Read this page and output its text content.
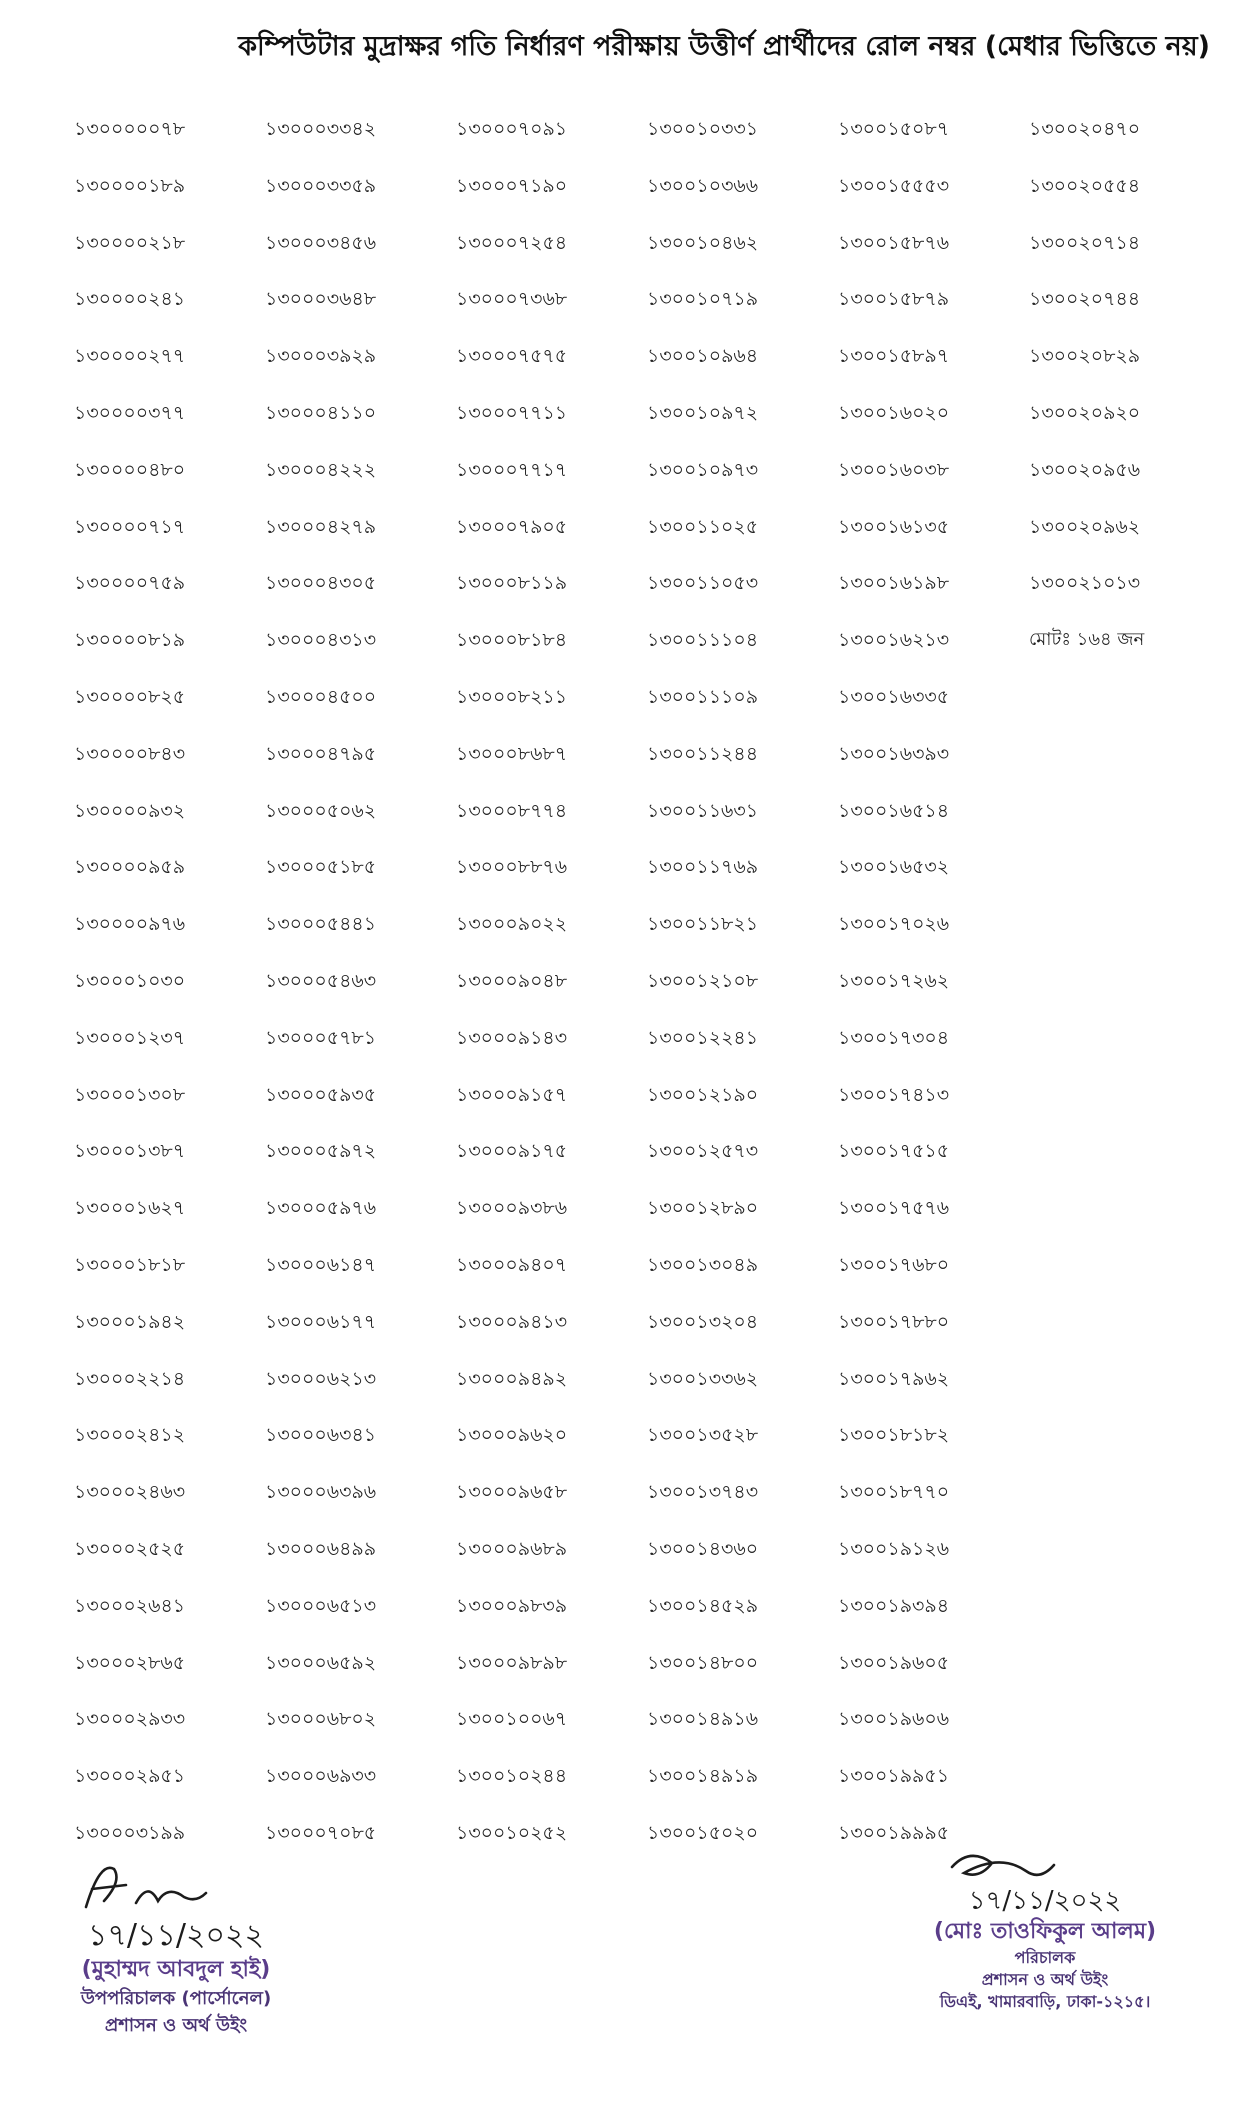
কম্পিউটার মুদ্রাক্ষর গতি নির্ধারণ পরীক্ষায় উত্তীর্ণ প্রার্থীদের রোল নম্বর (মেধার ভিত্তিতে নয়)
১৩০০০০০৭৮
১৩০০০০১৮৯
১৩০০০০২১৮
১৩০০০০২৪১
১৩০০০০২৭৭
১৩০০০০৩৭৭
১৩০০০০৪৮০
১৩০০০০৭১৭
১৩০০০০৭৫৯
১৩০০০০৮১৯
১৩০০০০৮২৫
১৩০০০০৮৪৩
১৩০০০০৯৩২
১৩০০০০৯৫৯
১৩০০০০৯৭৬
১৩০০০১০৩০
১৩০০০১২৩৭
১৩০০০১৩০৮
১৩০০০১৩৮৭
১৩০০০১৬২৭
১৩০০০১৮১৮
১৩০০০১৯৪২
১৩০০০২২১৪
১৩০০০২৪১২
১৩০০০২৪৬৩
১৩০০০২৫২৫
১৩০০০২৬৪১
১৩০০০২৮৬৫
১৩০০০২৯৩৩
১৩০০০২৯৫১
১৩০০০৩১৯৯
১৩০০০৩৩৪২
১৩০০০৩৩৫৯
১৩০০০৩৪৫৬
১৩০০০৩৬৪৮
১৩০০০৩৯২৯
১৩০০০৪১১০
১৩০০০৪২২২
১৩০০০৪২৭৯
১৩০০০৪৩০৫
১৩০০০৪৩১৩
১৩০০০৪৫০০
১৩০০০৪৭৯৫
১৩০০০৫০৬২
১৩০০০৫১৮৫
১৩০০০৫৪৪১
১৩০০০৫৪৬৩
১৩০০০৫৭৮১
১৩০০০৫৯৩৫
১৩০০০৫৯৭২
১৩০০০৫৯৭৬
১৩০০০৬১৪৭
১৩০০০৬১৭৭
১৩০০০৬২১৩
১৩০০০৬৩৪১
১৩০০০৬৩৯৬
১৩০০০৬৪৯৯
১৩০০০৬৫১৩
১৩০০০৬৫৯২
১৩০০০৬৮০২
১৩০০০৬৯৩৩
১৩০০০৭০৮৫
১৩০০০৭০৯১
১৩০০০৭১৯০
১৩০০০৭২৫৪
১৩০০০৭৩৬৮
১৩০০০৭৫৭৫
১৩০০০৭৭১১
১৩০০০৭৭১৭
১৩০০০৭৯০৫
১৩০০০৮১১৯
১৩০০০৮১৮৪
১৩০০০৮২১১
১৩০০০৮৬৮৭
১৩০০০৮৭৭৪
১৩০০০৮৮৭৬
১৩০০০৯০২২
১৩০০০৯০৪৮
১৩০০০৯১৪৩
১৩০০০৯১৫৭
১৩০০০৯১৭৫
১৩০০০৯৩৮৬
১৩০০০৯৪০৭
১৩০০০৯৪১৩
১৩০০০৯৪৯২
১৩০০০৯৬২০
১৩০০০৯৬৫৮
১৩০০০৯৬৮৯
১৩০০০৯৮৩৯
১৩০০০৯৮৯৮
১৩০০১০০৬৭
১৩০০১০২৪৪
১৩০০১০২৫২
১৩০০১০৩৩১
১৩০০১০৩৬৬
১৩০০১০৪৬২
১৩০০১০৭১৯
১৩০০১০৯৬৪
১৩০০১০৯৭২
১৩০০১০৯৭৩
১৩০০১১০২৫
১৩০০১১০৫৩
১৩০০১১১০৪
১৩০০১১১০৯
১৩০০১১২৪৪
১৩০০১১৬৩১
১৩০০১১৭৬৯
১৩০০১১৮২১
১৩০০১২১০৮
১৩০০১২২৪১
১৩০০১২১৯০
১৩০০১২৫৭৩
১৩০০১২৮৯০
১৩০০১৩০৪৯
১৩০০১৩২০৪
১৩০০১৩৩৬২
১৩০০১৩৫২৮
১৩০০১৩৭৪৩
১৩০০১৪৩৬০
১৩০০১৪৫২৯
১৩০০১৪৮০০
১৩০০১৪৯১৬
১৩০০১৪৯১৯
১৩০০১৫০২০
১৩০০১৫০৮৭
১৩০০১৫৫৫৩
১৩০০১৫৮৭৬
১৩০০১৫৮৭৯
১৩০০১৫৮৯৭
১৩০০১৬০২০
১৩০০১৬০৩৮
১৩০০১৬১৩৫
১৩০০১৬১৯৮
১৩০০১৬২১৩
১৩০০১৬৩৩৫
১৩০০১৬৩৯৩
১৩০০১৬৫১৪
১৩০০১৬৫৩২
১৩০০১৭০২৬
১৩০০১৭২৬২
১৩০০১৭৩০৪
১৩০০১৭৪১৩
১৩০০১৭৫১৫
১৩০০১৭৫৭৬
১৩০০১৭৬৮০
১৩০০১৭৮৮০
১৩০০১৭৯৬২
১৩০০১৮১৮২
১৩০০১৮৭৭০
১৩০০১৯১২৬
১৩০০১৯৩৯৪
১৩০০১৯৬০৫
১৩০০১৯৬০৬
১৩০০১৯৯৫১
১৩০০১৯৯৯৫
১৩০০২০৪৭০
১৩০০২০৫৫৪
১৩০০২০৭১৪
১৩০০২০৭৪৪
১৩০০২০৮২৯
১৩০০২০৯২০
১৩০০২০৯৫৬
১৩০০২০৯৬২
১৩০০২১০১৩
মোটঃ ১৬৪ জন
১৭/১১/২০২২
(মুহাম্মদ আবদুল হাই)
উপপরিচালক (পার্সোনেল)
প্রশাসন ও অর্থ উইং
১৭/১১/২০২২
(মোঃ তাওফিকুল আলম)
পরিচালক
প্রশাসন ও অর্থ উইং
ডিএই, খামারবাড়ি, ঢাকা-১২১৫।
